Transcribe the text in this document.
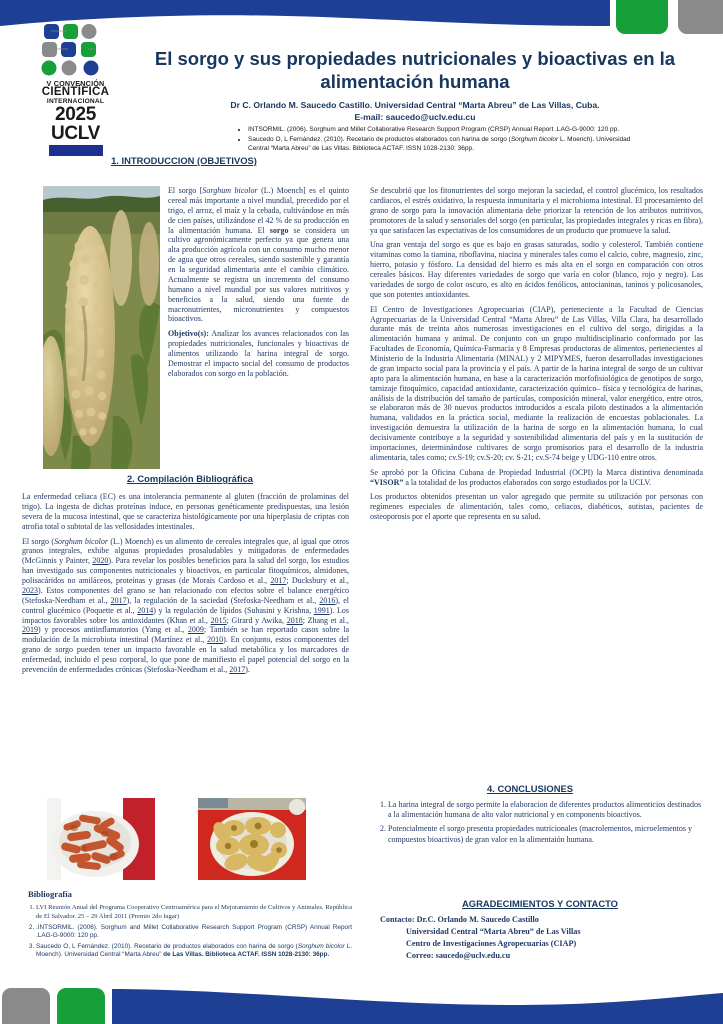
V CONVENCIÓN
CIENTÍFICA
INTERNACIONAL
2025
UCLV
El sorgo y sus propiedades nutricionales y bioactivas en la alimentación humana
Dr C. Orlando M. Saucedo Castillo. Universidad Central “Marta Abreu” de Las Villas, Cuba.
E-mail: saucedo@uclv.edu.cu
• INTSORMIL. (2006). Sorghum and Millet Collaborative Research Support Program (CRSP) Annual Report .LAG-G-9000: 120 pp.
• Saucedo O, L Fernández. (2010). Recetario de productos elaborados con harina de sorgo (Sorghum bicolor L. Moench). Universidad Central “Marta Abreu” de Las Villas. Biblioteca ACTAF. ISSN 1028-2130: 36pp.
1. INTRODUCCION (OBJETIVOS)
2. Compilación Bibliográfica
4. CONCLUSIONES
AGRADECIMIENTOS Y CONTACTO

El sorgo [Sorghum bicolor (L.) Moench] es el quinto cereal más importante a nivel mundial, precedido por el trigo, el arroz, el maíz y la cebada, cultivándose en más de cien países, utilizándose el 42 % de su producción en la alimentación humana. El sorgo se considera un cultivo agronómicamente perfecto ya que genera una alta producción agrícola con un consumo mucho menor de agua que otros cereales, siendo sostenible y garantía en la seguridad alimentaria ante el cambio climático. Actualmente se registra un incremento del consumo humano a nivel mundial por sus valores nutritivos y beneficios a la salud, siendo una fuente de macronutrientes, micronutrientes y compuestos bioactivos.

Objetivo(s): Analizar los avances relacionados con las propiedades nutricionales, funcionales y bioactivas de alimentos utilizando la harina integral de sorgo. Demostrar el impacto social del consumo de productos elaborados con sorgo en la población.

La enfermedad celiaca (EC) es una intolerancia permanente al gluten (fracción de prolaminas del trigo). La ingesta de dichas proteínas induce, en personas genéticamente predispuestas, una lesión severa de la mucosa intestinal, que se caracteriza histológicamente por una hiperplasia de criptas con atrofia total o subtotal de las vellosidades intestinales.

El sorgo (Sorghum bicolor (L.) Moench) es un alimento de cereales integrales que, al igual que otros granos integrales, exhibe algunas propiedades prosaludables y mitigadoras de enfermedades (McGinnis y Painter, 2020). Para revelar los posibles beneficios para la salud del sorgo, los estudios han investigado sus componentes nutricionales y bioactivos, en particular fitoquímicos, almidones, polisacáridos no amiláceos, proteínas y grasas (de Morais Cardoso et al., 2017; Ducksbury et al., 2023). Estos componentes del grano se han relacionado con efectos sobre el balance energético (Stefoska-Needham et al., 2017), la regulación de la saciedad (Stefoska-Needham et al., 2016), el control glucémico (Poquette et al., 2014) y la regulación de lípidos (Suhasini y Krishna, 1991). Los impactos favorables sobre los antioxidantes (Khan et al., 2015; Girard y Awika, 2018; Zhang et al., 2019) y procesos antiinflamatorios (Yang et al., 2009; También se han reportado casos sobre la modulación de la microbiota intestinal (Martínez et al., 2010). En conjunto, estos componentes del grano de sorgo pueden tener un impacto favorable en la salud metabólica y los marcadores de enfermedad, incluido el peso corporal, lo que pone de manifiesto el papel potencial del sorgo en la prevención de enfermedades crónicas (Stefoska-Needham et al., 2017).

Se descubrió que los fitonutrientes del sorgo mejoran la saciedad, el control glucémico, los resultados cardiacos, el estrés oxidativo, la respuesta inmunitaria y el microbioma intestinal. El procesamiento del grano de sorgo para la innovación alimentaria debe priorizar la retención de los atributos nutritivos, promotores de la salud y sensoriales del sorgo (en particular, las propiedades integrales y ricas en fibra), ya que satisfacen las expectativas de los consumidores de un producto que promueve la salud.

Una gran ventaja del sorgo es que es bajo en grasas saturadas, sodio y colesterol. También contiene vitaminas como la tiamina, riboflavina, niacina y minerales tales como el calcio, cobre, magnesio, zinc, hierro, potasio y fósforo. La densidad del hierro es más alta en el sorgo en comparación con otros cereales básicos. Hay diferentes variedades de sorgo que varía en color (blanco, rojo y negro). Las variedades de sorgo de color oscuro, es alto en ácidos fenólicos, antocianinas, taninos y policosanoles, que son potentes antioxidantes.

El Centro de Investigaciones Agropecuarias (CIAP), perteneciente a la Facultad de Ciencias Agropecuarias de la Universidad Central “Marta Abreu” de Las Villas, Villa Clara, ha desarrollado durante más de treinta años numerosas investigaciones en el cultivo del sorgo, dirigidas a la alimentación humana y animal. De conjunto con un grupo multidisciplinario conformado por las Facultades de Economía, Química-Farmacia y 8 Empresas productoras de alimentos, pertenecientes al Ministerio de la Industria Alimentaria (MINAL) y 2 MIPYMES, fueron desarrolladas investigaciones de gran impacto social para la provincia y el país. A partir de la harina integral de sorgo de un cultivar apto para la alimentación humana, en base a la caracterización morfofisiológica de genotipos de sorgo, tamizaje fitoquímico, capacidad antioxidante, caracterización químico– física y tecnológica de harinas, análisis de la distribución del tamaño de partículas, composición mineral, valor energético, entre otros, se elaboraron más de 30 nuevos productos introducidos a escala piloto destinados a la alimentación humana, validados en la práctica social, mediante la realización de encuestas poblacionales. La investigación demuestra la utilización de la harina de sorgo en la alimentación humana, lo cual decisivamente contribuye a la seguridad y sostenibilidad alimentaria del país y en la sustitución de importaciones, determinándose cultivares de sorgo promisorios para el desarrollo de la industria alimentaria, tales como; cv.S-19; cv.S-20; cv. S-21; cv.S-74 beige y UDG-110 entre otros.

Se aprobó por la Oficina Cubana de Propiedad Industrial (OCPI) la Marca distintiva denominada “VISOR” a la totalidad de los productos elaborados con sorgo estudiados por la UCLV.

Los productos obtenidos presentan un valor agregado que permite su utilización por personas con regímenes especiales de alimentación, tales como, celiacos, diabéticos, autistas, pacientes de osteoporosis por el aporte que representa en su salud.

1. La harina integral de sorgo permite la elaboracion de diferentes productos alimenticios destinados a la alimentación humana de alto valor nutricional y en components bioactivos.
2. Potencialmente el sorgo presenta propiedades nutricionales (macrolementos, microelementos y compuestos bioactivos) de gran valor en la alimentaión humana.
Contacto: Dr.C. Orlando M. Saucedo Castillo
Universidad Central “Marta Abreu” de Las Villas
Centro de Investigaciones Agropecuarias (CIAP)
Correo: saucedo@uclv.edu.cu
Bibliografía
1. LVI Reunión Anual del Programa Cooperativo Centroamérica para el Mejoramiento de Cultivos y Animales. República de El Salvador. 25 – 29 Abril 2011 (Premio 2do lugar)
2. .INTSORMIL. (2006). Sorghum and Millet Collaborative Research Support Program (CRSP) Annual Report .LAG-G-9000: 120 pp.
3. Saucedo O, L Fernández. (2010). Recetario de productos elaborados con harina de sorgo (Sorghum bicolor L. Moench). Universidad Central “Marta Abreu” de Las Villas. Biblioteca ACTAF. ISSN 1028-2130: 36pp.
